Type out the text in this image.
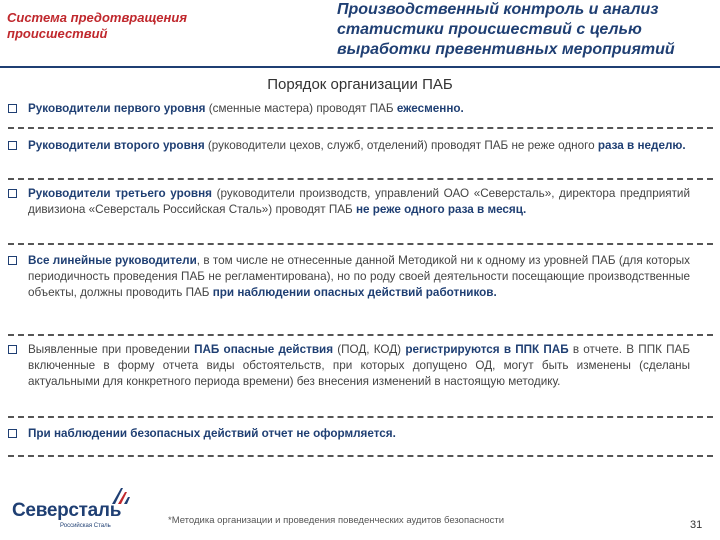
Система предотвращения происшествий
Производственный контроль и анализ статистики происшествий с целью выработки превентивных мероприятий
Порядок организации ПАБ
Руководители первого уровня (сменные мастера) проводят ПАБ ежесменно.
Руководители второго уровня (руководители цехов, служб, отделений) проводят ПАБ не реже одного раза в неделю.
Руководители третьего уровня (руководители производств, управлений ОАО «Северсталь», директора предприятий дивизиона «Северсталь Российская Сталь») проводят ПАБ не реже одного раза в месяц.
Все линейные руководители, в том числе не отнесенные данной Методикой ни к одному из уровней ПАБ (для которых периодичность проведения ПАБ не регламентирована), но по роду своей деятельности посещающие производственные объекты, должны проводить ПАБ при наблюдении опасных действий работников.
Выявленные при проведении ПАБ опасные действия (ПОД, КОД) регистрируются в ППК ПАБ в отчете. В ППК ПАБ включенные в форму отчета виды обстоятельств, при которых допущено ОД, могут быть изменены (сделаны актуальными для конкретного периода времени) без внесения изменений в настоящую методику.
При наблюдении безопасных действий отчет не оформляется.
Северсталь
Российская Сталь	*Методика организации и проведения поведенческих аудитов безопасности	31
